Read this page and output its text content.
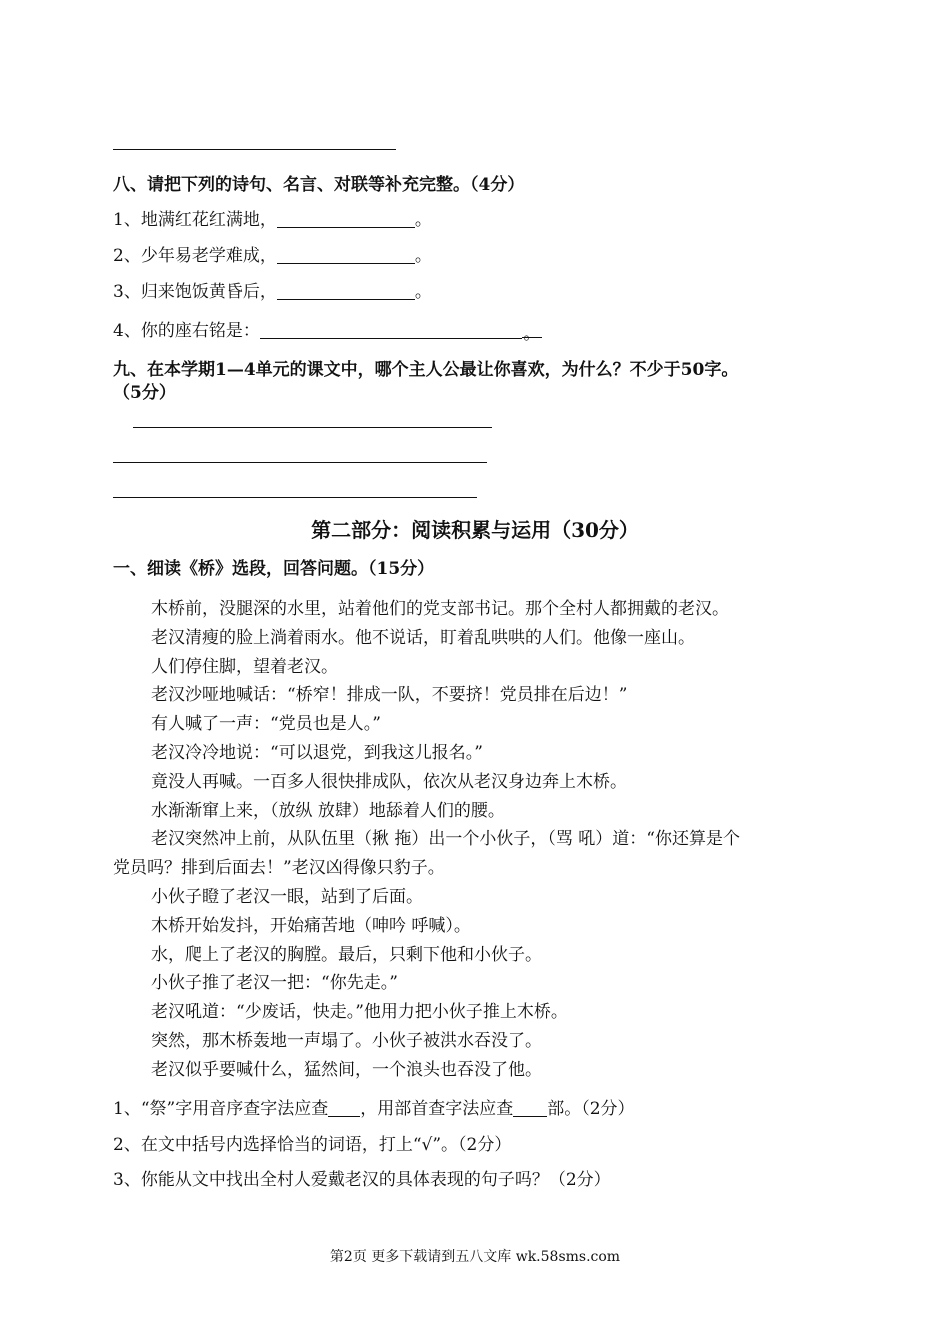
八、请把下列的诗句、名言、对联等补充完整。（4分）
1、地满红花红满地，	。
2、少年易老学难成，	。
3、归来饱饭黄昏后，	。
4、你的座右铭是：	。
九、在本学期1—4单元的课文中，哪个主人公最让你喜欢，为什么？不少于50字。
（5分）
第二部分：阅读积累与运用（30分）
一、细读《桥》选段，回答问题。（15分）
木桥前，没腿深的水里，站着他们的党支部书记。那个全村人都拥戴的老汉。
老汉清瘦的脸上淌着雨水。他不说话，盯着乱哄哄的人们。他像一座山。
人们停住脚，望着老汉。
老汉沙哑地喊话：“桥窄！排成一队，不要挤！党员排在后边！”
有人喊了一声：“党员也是人。”
老汉冷冷地说：“可以退党，到我这儿报名。”
竟没人再喊。一百多人很快排成队，依次从老汉身边奔上木桥。
水渐渐窜上来，（放纵 放肆）地舔着人们的腰。
老汉突然冲上前，从队伍里（揪 拖）出一个小伙子，（骂 吼）道：“你还算是个
党员吗？排到后面去！”老汉凶得像只豹子。
小伙子瞪了老汉一眼，站到了后面。
木桥开始发抖，开始痛苦地（呻吟 呼喊）。
水，爬上了老汉的胸膛。最后，只剩下他和小伙子。
小伙子推了老汉一把：“你先走。”
老汉吼道：“少废话，快走。”他用力把小伙子推上木桥。
突然，那木桥轰地一声塌了。小伙子被洪水吞没了。
老汉似乎要喊什么，猛然间，一个浪头也吞没了他。
1、“祭”字用音序查字法应查 ，用部首查字法应查 部。（2分）
2、在文中括号内选择恰当的词语，打上“√”。（2分）
3、你能从文中找出全村人爱戴老汉的具体表现的句子吗？（2分）
第2页 更多下载请到五八文库 wk.58sms.com
